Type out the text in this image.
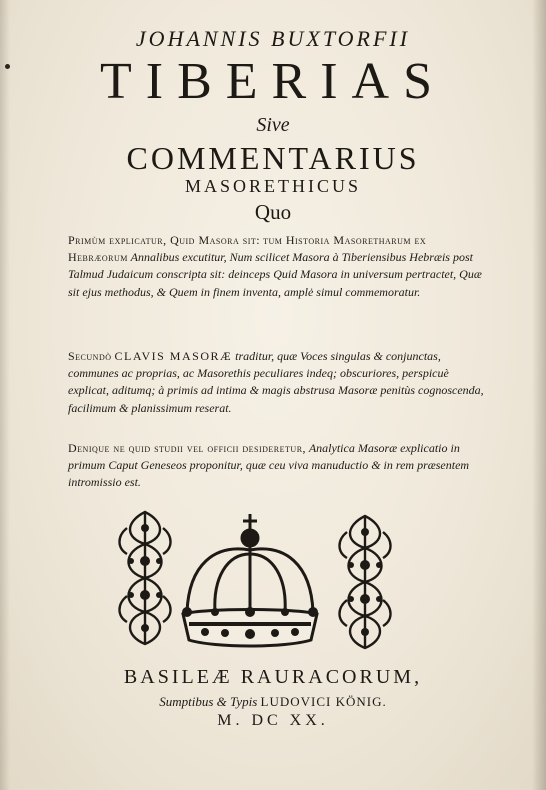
JOHANNIS BUXTORFII
TIBERIAS
Sive
COMMENTARIUS
MASORETHICUS
Quo
Primùm explicatur, Quid Masora sit: tum Historia Masoretharum ex Hebræorum Annalibus excutitur, Num scilicet Masora à Tiberiensibus Hebræis post Talmud Judaicum conscripta sit: deinceps Quid Masora in universum pertractet, Quæ sit ejus methodus, & Quem in finem inventa, amplė simul commemoratur.
Secundò CLAVIS MASORÆ traditur, quæ Voces singulas & conjunctas, communes ac proprias, ac Masorethis peculiares indeq; obscuriores, perspicuè explicat, aditumq; à primis ad intima & magis abstrusa Masoræ penitùs cognoscenda, facilimum & planissimum reserat.
Denique ne quid studii vel officii desideretur, Analytica Masoræ explicatio in primum Caput Geneseos proponitur, quæ ceu viva manuductio & in rem præsentem intromissio est.
BASILEÆ RAURACORUM,
Sumptibus & Typis LUDOVICI KÖNIG.
M. DC XX.
